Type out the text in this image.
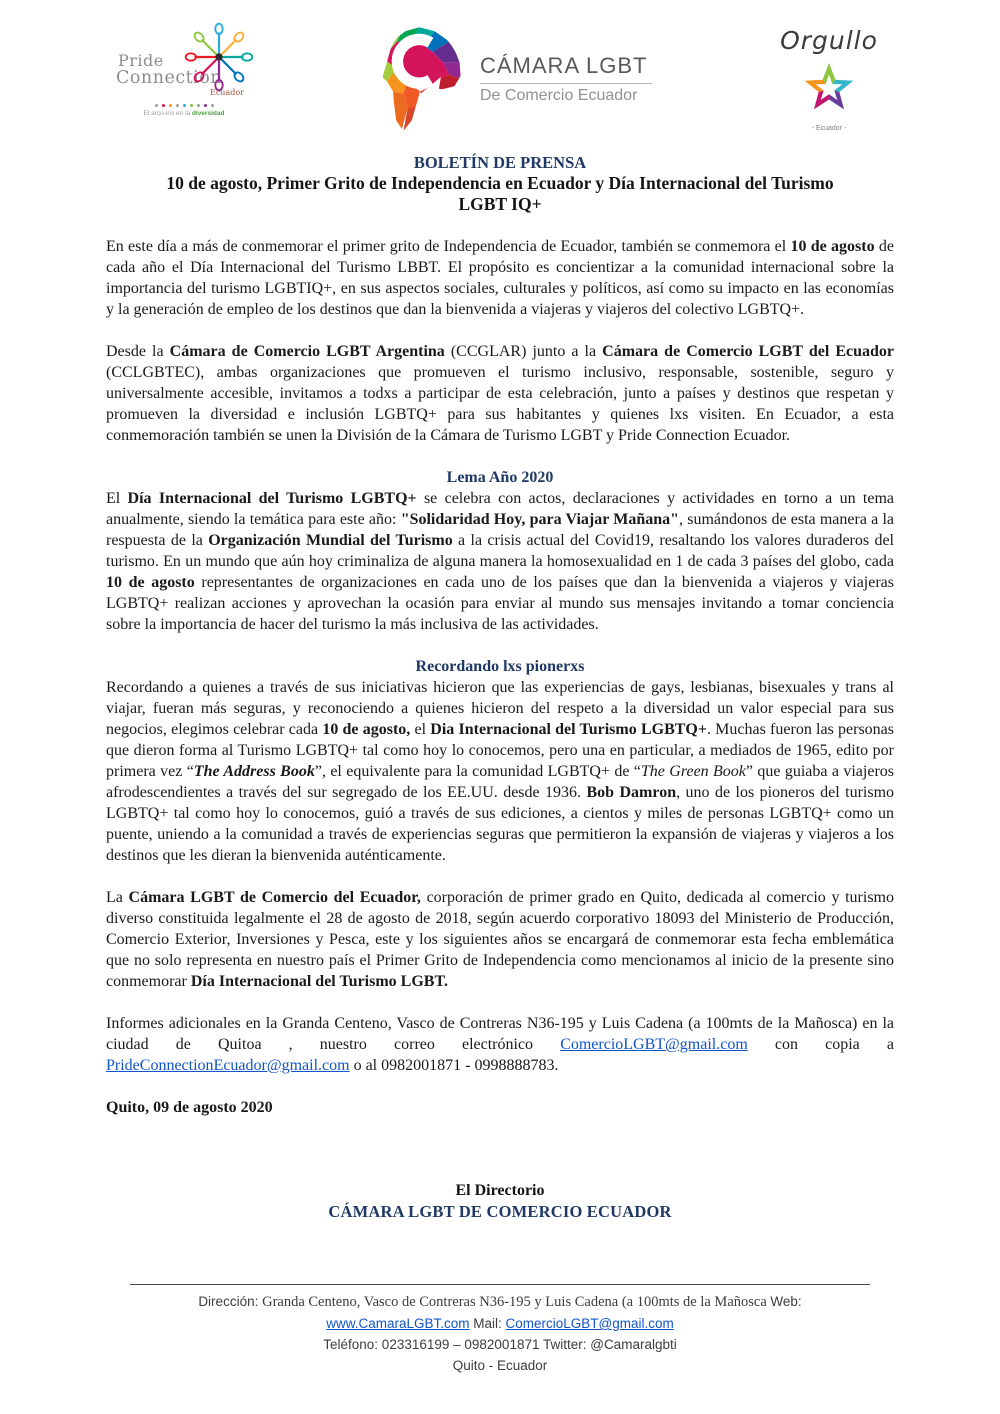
Pride
Connection
Ecuador
El arco-iris en la diversidad
CÁMARA LGBT
De Comercio Ecuador
Orgullo
- Ecuador -
BOLETÍN DE PRENSA
10 de agosto, Primer Grito de Independencia en Ecuador y Día Internacional del Turismo
LGBT IQ+

En este día a más de conmemorar el primer grito de Independencia de Ecuador, también se conmemora el 10 de agosto de cada año el Día Internacional del Turismo LBBT. El propósito es concientizar a la comunidad internacional sobre la importancia del turismo LGBTIQ+, en sus aspectos sociales, culturales y políticos, así como su impacto en las economías y la generación de empleo de los destinos que dan la bienvenida a viajeras y viajeros del colectivo LGBTQ+.

Desde la Cámara de Comercio LGBT Argentina (CCGLAR) junto a la Cámara de Comercio LGBT del Ecuador (CCLGBTEC), ambas organizaciones que promueven el turismo inclusivo, responsable, sostenible, seguro y universalmente accesible, invitamos a todxs a participar de esta celebración, junto a países y destinos que respetan y promueven la diversidad e inclusión LGBTQ+ para sus habitantes y quienes lxs visiten. En Ecuador, a esta conmemoración también se unen la División de la Cámara de Turismo LGBT y Pride Connection Ecuador.

Lema Año 2020

El Día Internacional del Turismo LGBTQ+ se celebra con actos, declaraciones y actividades en torno a un tema anualmente, siendo la temática para este año: "Solidaridad Hoy, para Viajar Mañana", sumándonos de esta manera a la respuesta de la Organización Mundial del Turismo a la crisis actual del Covid19, resaltando los valores duraderos del turismo. En un mundo que aún hoy criminaliza de alguna manera la homosexualidad en 1 de cada 3 países del globo, cada 10 de agosto representantes de organizaciones en cada uno de los países que dan la bienvenida a viajeros y viajeras LGBTQ+ realizan acciones y aprovechan la ocasión para enviar al mundo sus mensajes invitando a tomar conciencia sobre la importancia de hacer del turismo la más inclusiva de las actividades.

Recordando lxs pionerxs

Recordando a quienes a través de sus iniciativas hicieron que las experiencias de gays, lesbianas, bisexuales y trans al viajar, fueran más seguras, y reconociendo a quienes hicieron del respeto a la diversidad un valor especial para sus negocios, elegimos celebrar cada 10 de agosto, el Dia Internacional del Turismo LGBTQ+. Muchas fueron las personas que dieron forma al Turismo LGBTQ+ tal como hoy lo conocemos, pero una en particular, a mediados de 1965, edito por primera vez “The Address Book”, el equivalente para la comunidad LGBTQ+ de “The Green Book” que guiaba a viajeros afrodescendientes a través del sur segregado de los EE.UU. desde 1936. Bob Damron, uno de los pioneros del turismo LGBTQ+ tal como hoy lo conocemos, guió a través de sus ediciones, a cientos y miles de personas LGBTQ+ como un puente, uniendo a la comunidad a través de experiencias seguras que permitieron la expansión de viajeras y viajeros a los destinos que les dieran la bienvenida auténticamente.

La Cámara LGBT de Comercio del Ecuador, corporación de primer grado en Quito, dedicada al comercio y turismo diverso constituida legalmente el 28 de agosto de 2018, según acuerdo corporativo 18093 del Ministerio de Producción, Comercio Exterior, Inversiones y Pesca, este y los siguientes años se encargará de conmemorar esta fecha emblemática que no solo representa en nuestro país el Primer Grito de Independencia como mencionamos al inicio de la presente sino conmemorar Día Internacional del Turismo LGBT.

Informes adicionales en la Granda Centeno, Vasco de Contreras N36-195 y Luis Cadena (a 100mts de la Mañosca) en la ciudad de Quitoa , nuestro correo electrónico ComercioLGBT@gmail.com con copia a PrideConnectionEcuador@gmail.com o al 0982001871 - 0998888783.

Quito, 09 de agosto 2020

El Directorio
CÁMARA LGBT DE COMERCIO ECUADOR
Dirección: Granda Centeno, Vasco de Contreras N36-195 y Luis Cadena (a 100mts de la Mañosca Web:
www.CamaraLGBT.com Mail: ComercioLGBT@gmail.com
Teléfono: 023316199 – 0982001871 Twitter: @Camaralgbti
Quito - Ecuador
